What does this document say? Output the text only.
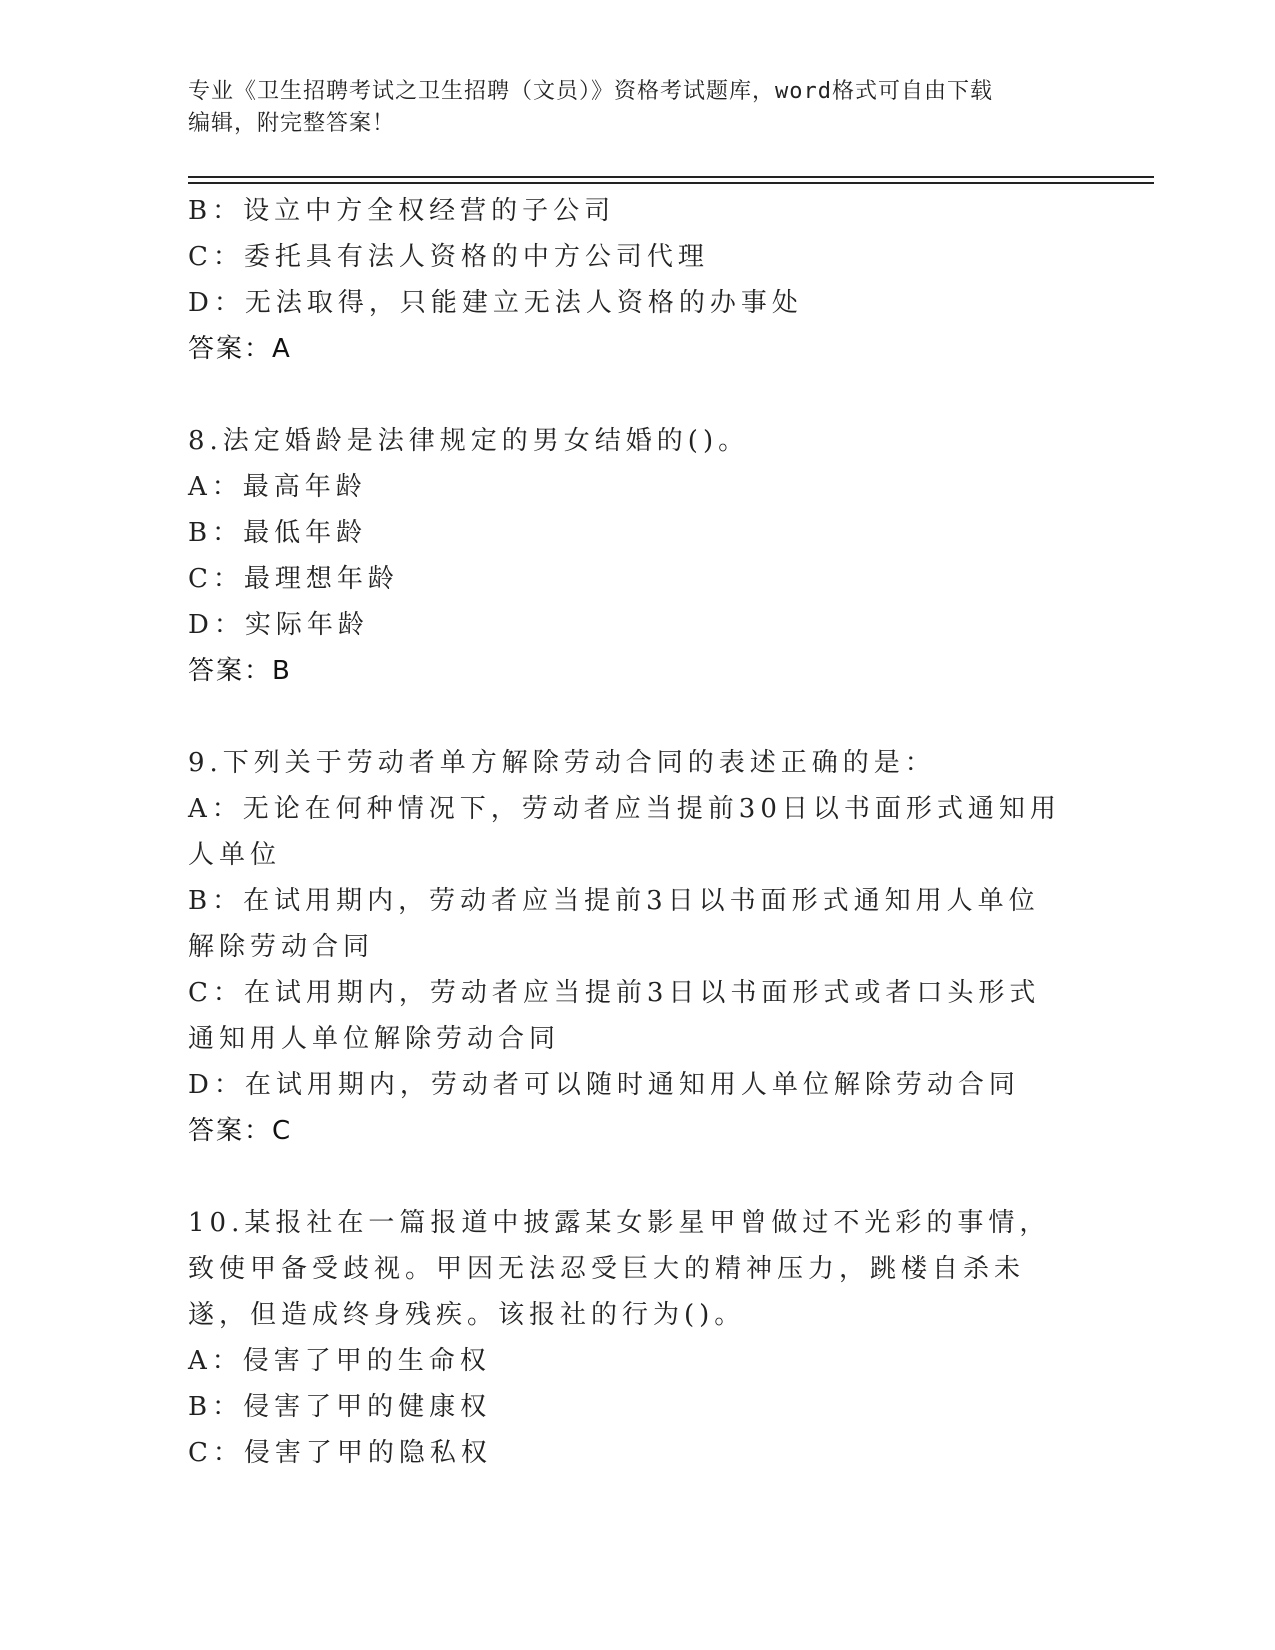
专业《卫生招聘考试之卫生招聘（文员）》资格考试题库，word格式可自由下载
编辑，附完整答案！
B：设立中方全权经营的子公司
C：委托具有法人资格的中方公司代理
D：无法取得，只能建立无法人资格的办事处
答案：A
8.法定婚龄是法律规定的男女结婚的()。
A：最高年龄
B：最低年龄
C：最理想年龄
D：实际年龄
答案：B
9.下列关于劳动者单方解除劳动合同的表述正确的是：
A：无论在何种情况下，劳动者应当提前30日以书面形式通知用人单位
B：在试用期内，劳动者应当提前3日以书面形式通知用人单位解除劳动合同
C：在试用期内，劳动者应当提前3日以书面形式或者口头形式通知用人单位解除劳动合同
D：在试用期内，劳动者可以随时通知用人单位解除劳动合同
答案：C
10.某报社在一篇报道中披露某女影星甲曾做过不光彩的事情，致使甲备受歧视。甲因无法忍受巨大的精神压力，跳楼自杀未遂，但造成终身残疾。该报社的行为()。
A：侵害了甲的生命权
B：侵害了甲的健康权
C：侵害了甲的隐私权
